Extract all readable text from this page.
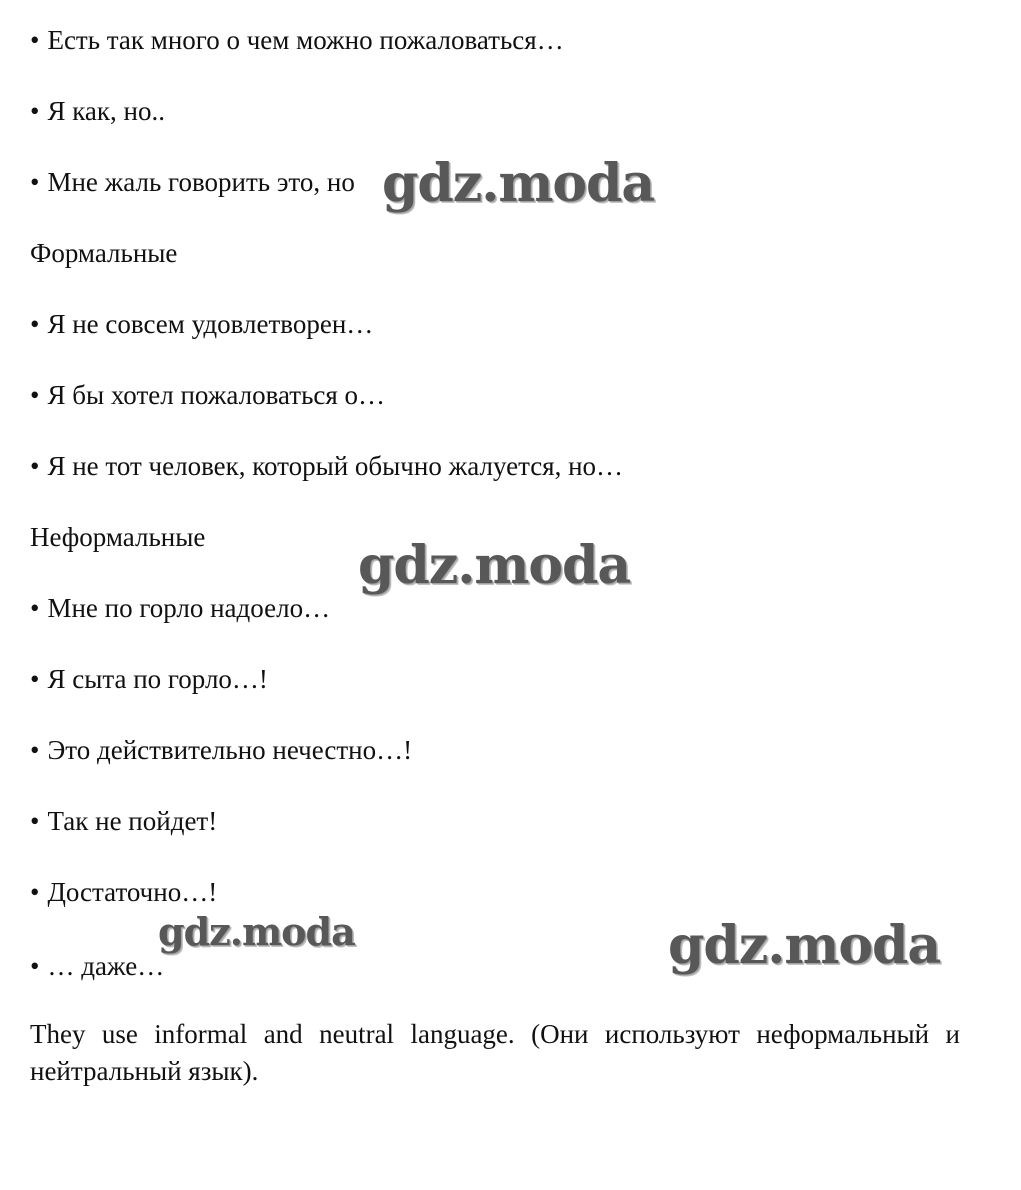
• Есть так много о чем можно пожаловаться…
• Я как, но..
• Мне жаль говорить это, но
Формальные
• Я не совсем удовлетворен…
• Я бы хотел пожаловаться о…
• Я не тот человек, который обычно жалуется, но…
Неформальные
• Мне по горло надоело…
• Я сыта по горло…!
• Это действительно нечестно…!
• Так не пойдет!
• Достаточно…!
• … даже…
They use informal and neutral language. (Они используют неформальный и нейтральный язык).
gdz.moda
gdz.moda
gdz.moda	gdz.moda
